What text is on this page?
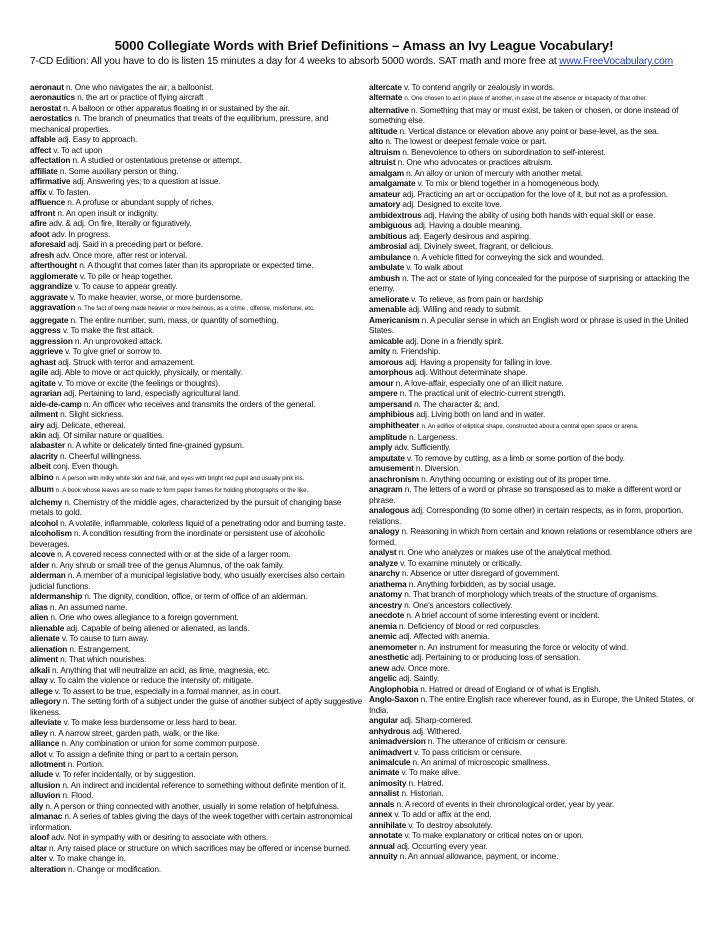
5000 Collegiate Words with Brief Definitions – Amass an Ivy League Vocabulary!
7-CD Edition: All you have to do is listen 15 minutes a day for 4 weeks to absorb 5000 words. SAT math and more free at www.FreeVocabulary.com
aeronaut n. One who navigates the air, a balloonist.
aeronautics n. the art or practice of flying aircraft
aerostat n. A balloon or other apparatus floating in or sustained by the air.
aerostatics n. The branch of pneumatics that treats of the equilibrium, pressure, and mechanical properties.
affable adj. Easy to approach.
affect v. To act upon
affectation n. A studied or ostentatious pretense or attempt.
affiliate n. Some auxiliary person or thing.
affirmative adj. Answering yes; to a question at issue.
affix v. To fasten.
affluence n. A profuse or abundant supply of riches.
affront n. An open insult or indignity.
afire adv. & adj. On fire, literally or figuratively.
afoot adv. In progress.
aforesaid adj. Said in a preceding part or before.
afresh adv. Once more, after rest or interval.
afterthought n. A thought that comes later than its appropriate or expected time.
agglomerate v. To pile or heap together.
aggrandize v. To cause to appear greatly.
aggravate v. To make heavier, worse, or more burdensome.
aggravation n. The fact of being made heavier or more heinous, as a crime , offense, misfortune, etc.
aggregate n. The entire number, sum, mass, or quantity of something.
aggress v. To make the first attack.
aggression n. An unprovoked attack.
aggrieve v. To give grief or sorrow to.
aghast adj. Struck with terror and amazement.
agile adj. Able to move or act quickly, physically, or mentally.
agitate v. To move or excite (the feelings or thoughts).
agrarian adj. Pertaining to land, especially agricultural land.
aide-de-camp n. An officer who receives and transmits the orders of the general.
ailment n. Slight sickness.
airy adj. Delicate, ethereal.
akin adj. Of similar nature or qualities.
alabaster n. A white or delicately tinted fine-grained gypsum.
alacrity n. Cheerful willingness.
albeit conj. Even though.
albino n. A person with milky white skin and hair, and eyes with bright red pupil and usually pink iris.
album n. A book whose leaves are so made to form paper frames for holding photographs or the like.
alchemy n. Chemistry of the middle ages, characterized by the pursuit of changing base metals to gold.
alcohol n. A volatile, inflammable, colorless liquid of a penetrating odor and burning taste.
alcoholism n. A condition resulting from the inordinate or persistent use of alcoholic beverages.
alcove n. A covered recess connected with or at the side of a larger room.
alder n. Any shrub or small tree of the genus Alumnus, of the oak family.
alderman n. A member of a municipal legislative body, who usually exercises also certain judicial functions.
aldermanship n. The dignity, condition, office, or term of office of an alderman.
alias n. An assumed name.
alien n. One who owes allegiance to a foreign government.
alienable adj. Capable of being aliened or alienated, as lands.
alienate v. To cause to turn away.
alienation n. Estrangement.
aliment n. That which nourishes.
alkali n. Anything that will neutralize an acid, as lime, magnesia, etc.
allay v. To calm the violence or reduce the intensity of; mitigate.
allege v. To assert to be true, especially in a formal manner, as in court.
allegory n. The setting forth of a subject under the guise of another subject of aptly suggestive likeness.
alleviate v. To make less burdensome or less hard to bear.
alley n. A narrow street, garden path, walk, or the like.
alliance n. Any combination or union for some common purpose.
allot v. To assign a definite thing or part to a certain person.
allotment n. Portion.
allude v. To refer incidentally, or by suggestion.
allusion n. An indirect and incidental reference to something without definite mention of it.
alluvion n. Flood.
ally n. A person or thing connected with another, usually in some relation of helpfulness.
almanac n. A series of tables giving the days of the week together with certain astronomical information.
aloof adv. Not in sympathy with or desiring to associate with others.
altar n. Any raised place or structure on which sacrifices may be offered or incense burned.
alter v. To make change in.
alteration n. Change or modification.
altercate v. To contend angrily or zealously in words.
alternate n. One chosen to act in place of another, in case of the absence or incapacity of that other.
alternative n. Something that may or must exist, be taken or chosen, or done instead of something else.
altitude n. Vertical distance or elevation above any point or base-level, as the sea.
alto n. The lowest or deepest female voice or part.
altruism n. Benevolence to others on subordination to self-interest.
altruist n. One who advocates or practices altruism.
amalgam n. An alloy or union of mercury with another metal.
amalgamate v. To mix or blend together in a homogeneous body.
amateur adj. Practicing an art or occupation for the love of it, but not as a profession.
amatory adj. Designed to excite love.
ambidextrous adj. Having the ability of using both hands with equal skill or ease.
ambiguous adj. Having a double meaning.
ambitious adj. Eagerly desirous and aspiring.
ambrosial adj. Divinely sweet, fragrant, or delicious.
ambulance n. A vehicle fitted for conveying the sick and wounded.
ambulate v. To walk about
ambush n. The act or state of lying concealed for the purpose of surprising or attacking the enemy.
ameliorate v. To relieve, as from pain or hardship
amenable adj. Willing and ready to submit.
Americanism n. A peculiar sense in which an English word or phrase is used in the United States.
amicable adj. Done in a friendly spirit.
amity n. Friendship.
amorous adj. Having a propensity for falling in love.
amorphous adj. Without determinate shape.
amour n. A love-affair, especially one of an illicit nature.
ampere n. The practical unit of electric-current strength.
ampersand n. The character &; and.
amphibious adj. Living both on land and in water.
amphitheater n. An edifice of elliptical shape, constructed about a central open space or arena.
amplitude n. Largeness.
amply adv. Sufficiently.
amputate v. To remove by cutting, as a limb or some portion of the body.
amusement n. Diversion.
anachronism n. Anything occurring or existing out of its proper time.
anagram n. The letters of a word or phrase so transposed as to make a different word or phrase.
analogous adj. Corresponding (to some other) in certain respects, as in form, proportion, relations.
analogy n. Reasoning in which from certain and known relations or resemblance others are formed.
analyst n. One who analyzes or makes use of the analytical method.
analyze v. To examine minutely or critically.
anarchy n. Absence or utter disregard of government.
anathema n. Anything forbidden, as by social usage.
anatomy n. That branch of morphology which treats of the structure of organisms.
ancestry n. One's ancestors collectively.
anecdote n. A brief account of some interesting event or incident.
anemia n. Deficiency of blood or red corpuscles.
anemic adj. Affected with anemia.
anemometer n. An instrument for measuring the force or velocity of wind.
anesthetic adj. Pertaining to or producing loss of sensation.
anew adv. Once more.
angelic adj. Saintly.
Anglophobia n. Hatred or dread of England or of what is English.
Anglo-Saxon n. The entire English race wherever found, as in Europe, the United States, or India.
angular adj. Sharp-cornered.
anhydrous adj. Withered.
animadversion n. The utterance of criticism or censure.
animadvert v. To pass criticism or censure.
animalcule n. An animal of microscopic smallness.
animate v. To make alive.
animosity n. Hatred.
annalist n. Historian.
annals n. A record of events in their chronological order, year by year.
annex v. To add or affix at the end.
annihilate v. To destroy absolutely.
annotate v. To make explanatory or critical notes on or upon.
annual adj. Occurring every year.
annuity n. An annual allowance, payment, or income.
